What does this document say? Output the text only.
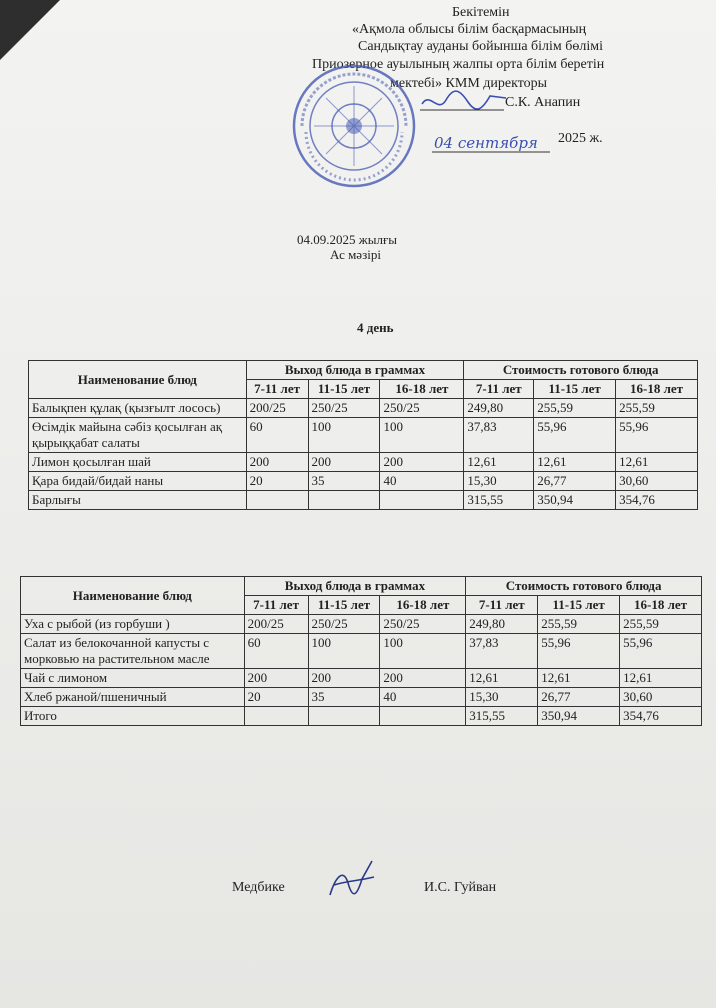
Бекітемін
«Ақмола облысы білім басқармасының
Сандықтау ауданы бойынша білім бөлімі
Приозерное ауылының жалпы орта білім беретін
мектебі» КММ директоры
С.К. Анапин
2025 ж.
04 сентября
04.09.2025 жылғы
Ас мәзірі
4 день
Наименование блюд	Выход блюда в граммах			Стоимость готового блюда		
	7-11 лет	11-15 лет	16-18 лет	7-11 лет	11-15 лет	16-18 лет
Балықпен құлақ (қызғылт лосось)	200/25	250/25	250/25	249,80	255,59	255,59
Өсімдік майына сәбіз қосылған ақ қырыққабат салаты	60	100	100	37,83	55,96	55,96
Лимон қосылған шай	200	200	200	12,61	12,61	12,61
Қара бидай/бидай наны	20	35	40	15,30	26,77	30,60
Барлығы				315,55	350,94	354,76
Наименование блюд	Выход блюда в граммах			Стоимость готового блюда		
	7-11 лет	11-15 лет	16-18 лет	7-11 лет	11-15 лет	16-18 лет
Уха с рыбой (из горбуши )	200/25	250/25	250/25	249,80	255,59	255,59
Салат из белокочанной капусты с морковью на растительном масле	60	100	100	37,83	55,96	55,96
Чай с лимоном	200	200	200	12,61	12,61	12,61
Хлеб ржаной/пшеничный	20	35	40	15,30	26,77	30,60
Итого				315,55	350,94	354,76
Медбике	И.С. Гуйван
